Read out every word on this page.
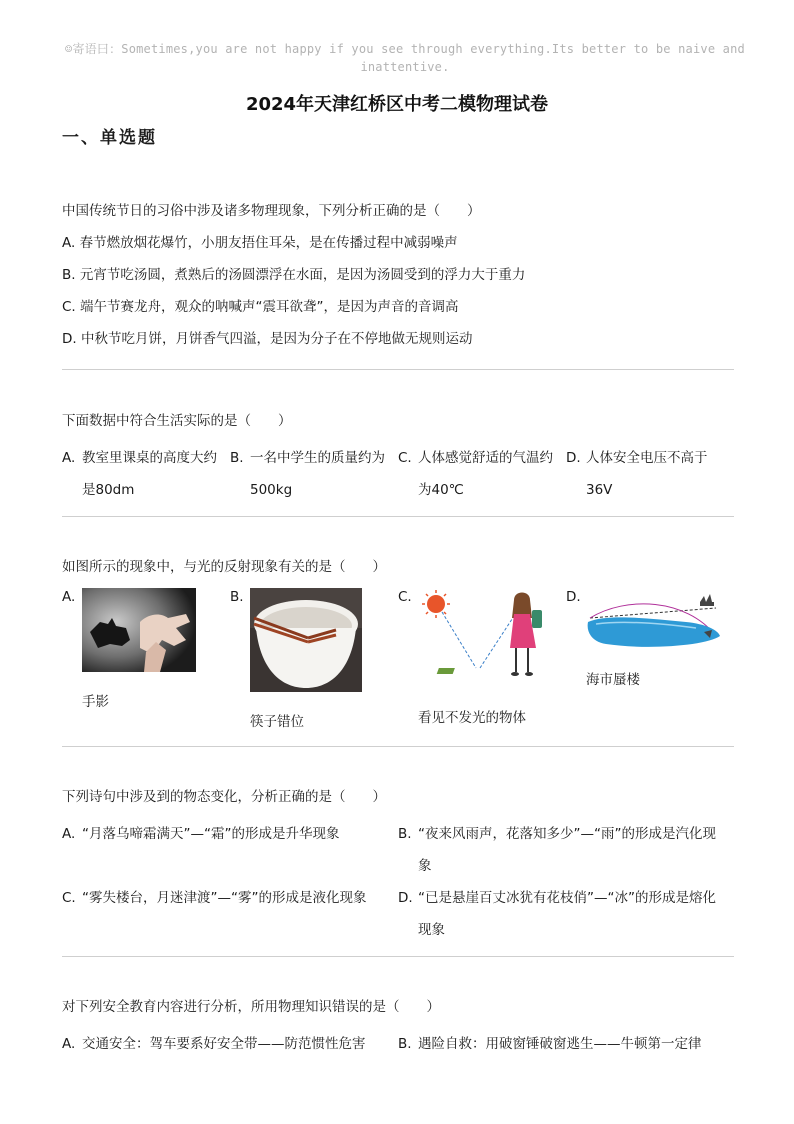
☺寄语曰：Sometimes,you are not happy if you see through everything.Its better to be naive and inattentive.
2024年天津红桥区中考二模物理试卷
一、单选题
中国传统节日的习俗中涉及诸多物理现象，下列分析正确的是（　　）
A. 春节燃放烟花爆竹，小朋友捂住耳朵，是在传播过程中减弱噪声
B. 元宵节吃汤圆，煮熟后的汤圆漂浮在水面，是因为汤圆受到的浮力大于重力
C. 端午节赛龙舟，观众的呐喊声“震耳欲聋”，是因为声音的音调高
D. 中秋节吃月饼，月饼香气四溢，是因为分子在不停地做无规则运动
下面数据中符合生活实际的是（　　）
A. 教室里课桌的高度大约是80dm
B. 一名中学生的质量约为500kg
C. 人体感觉舒适的气温约为40℃
D. 人体安全电压不高于36V
如图所示的现象中，与光的反射现象有关的是（　　）
A.
手影
B.
筷子错位
C.
看见不发光的物体
D.
海市蜃楼
下列诗句中涉及到的物态变化，分析正确的是（　　）
A. “月落乌啼霜满天”—“霜”的形成是升华现象	B. “夜来风雨声，花落知多少”—“雨”的形成是汽化现象
C. “雾失楼台，月迷津渡”—“雾”的形成是液化现象	D. “已是悬崖百丈冰犹有花枝俏”—“冰”的形成是熔化现象
对下列安全教育内容进行分析，所用物理知识错误的是（　　）
A. 交通安全：驾车要系好安全带——防范惯性危害	B. 遇险自救：用破窗锤破窗逃生——牛顿第一定律
